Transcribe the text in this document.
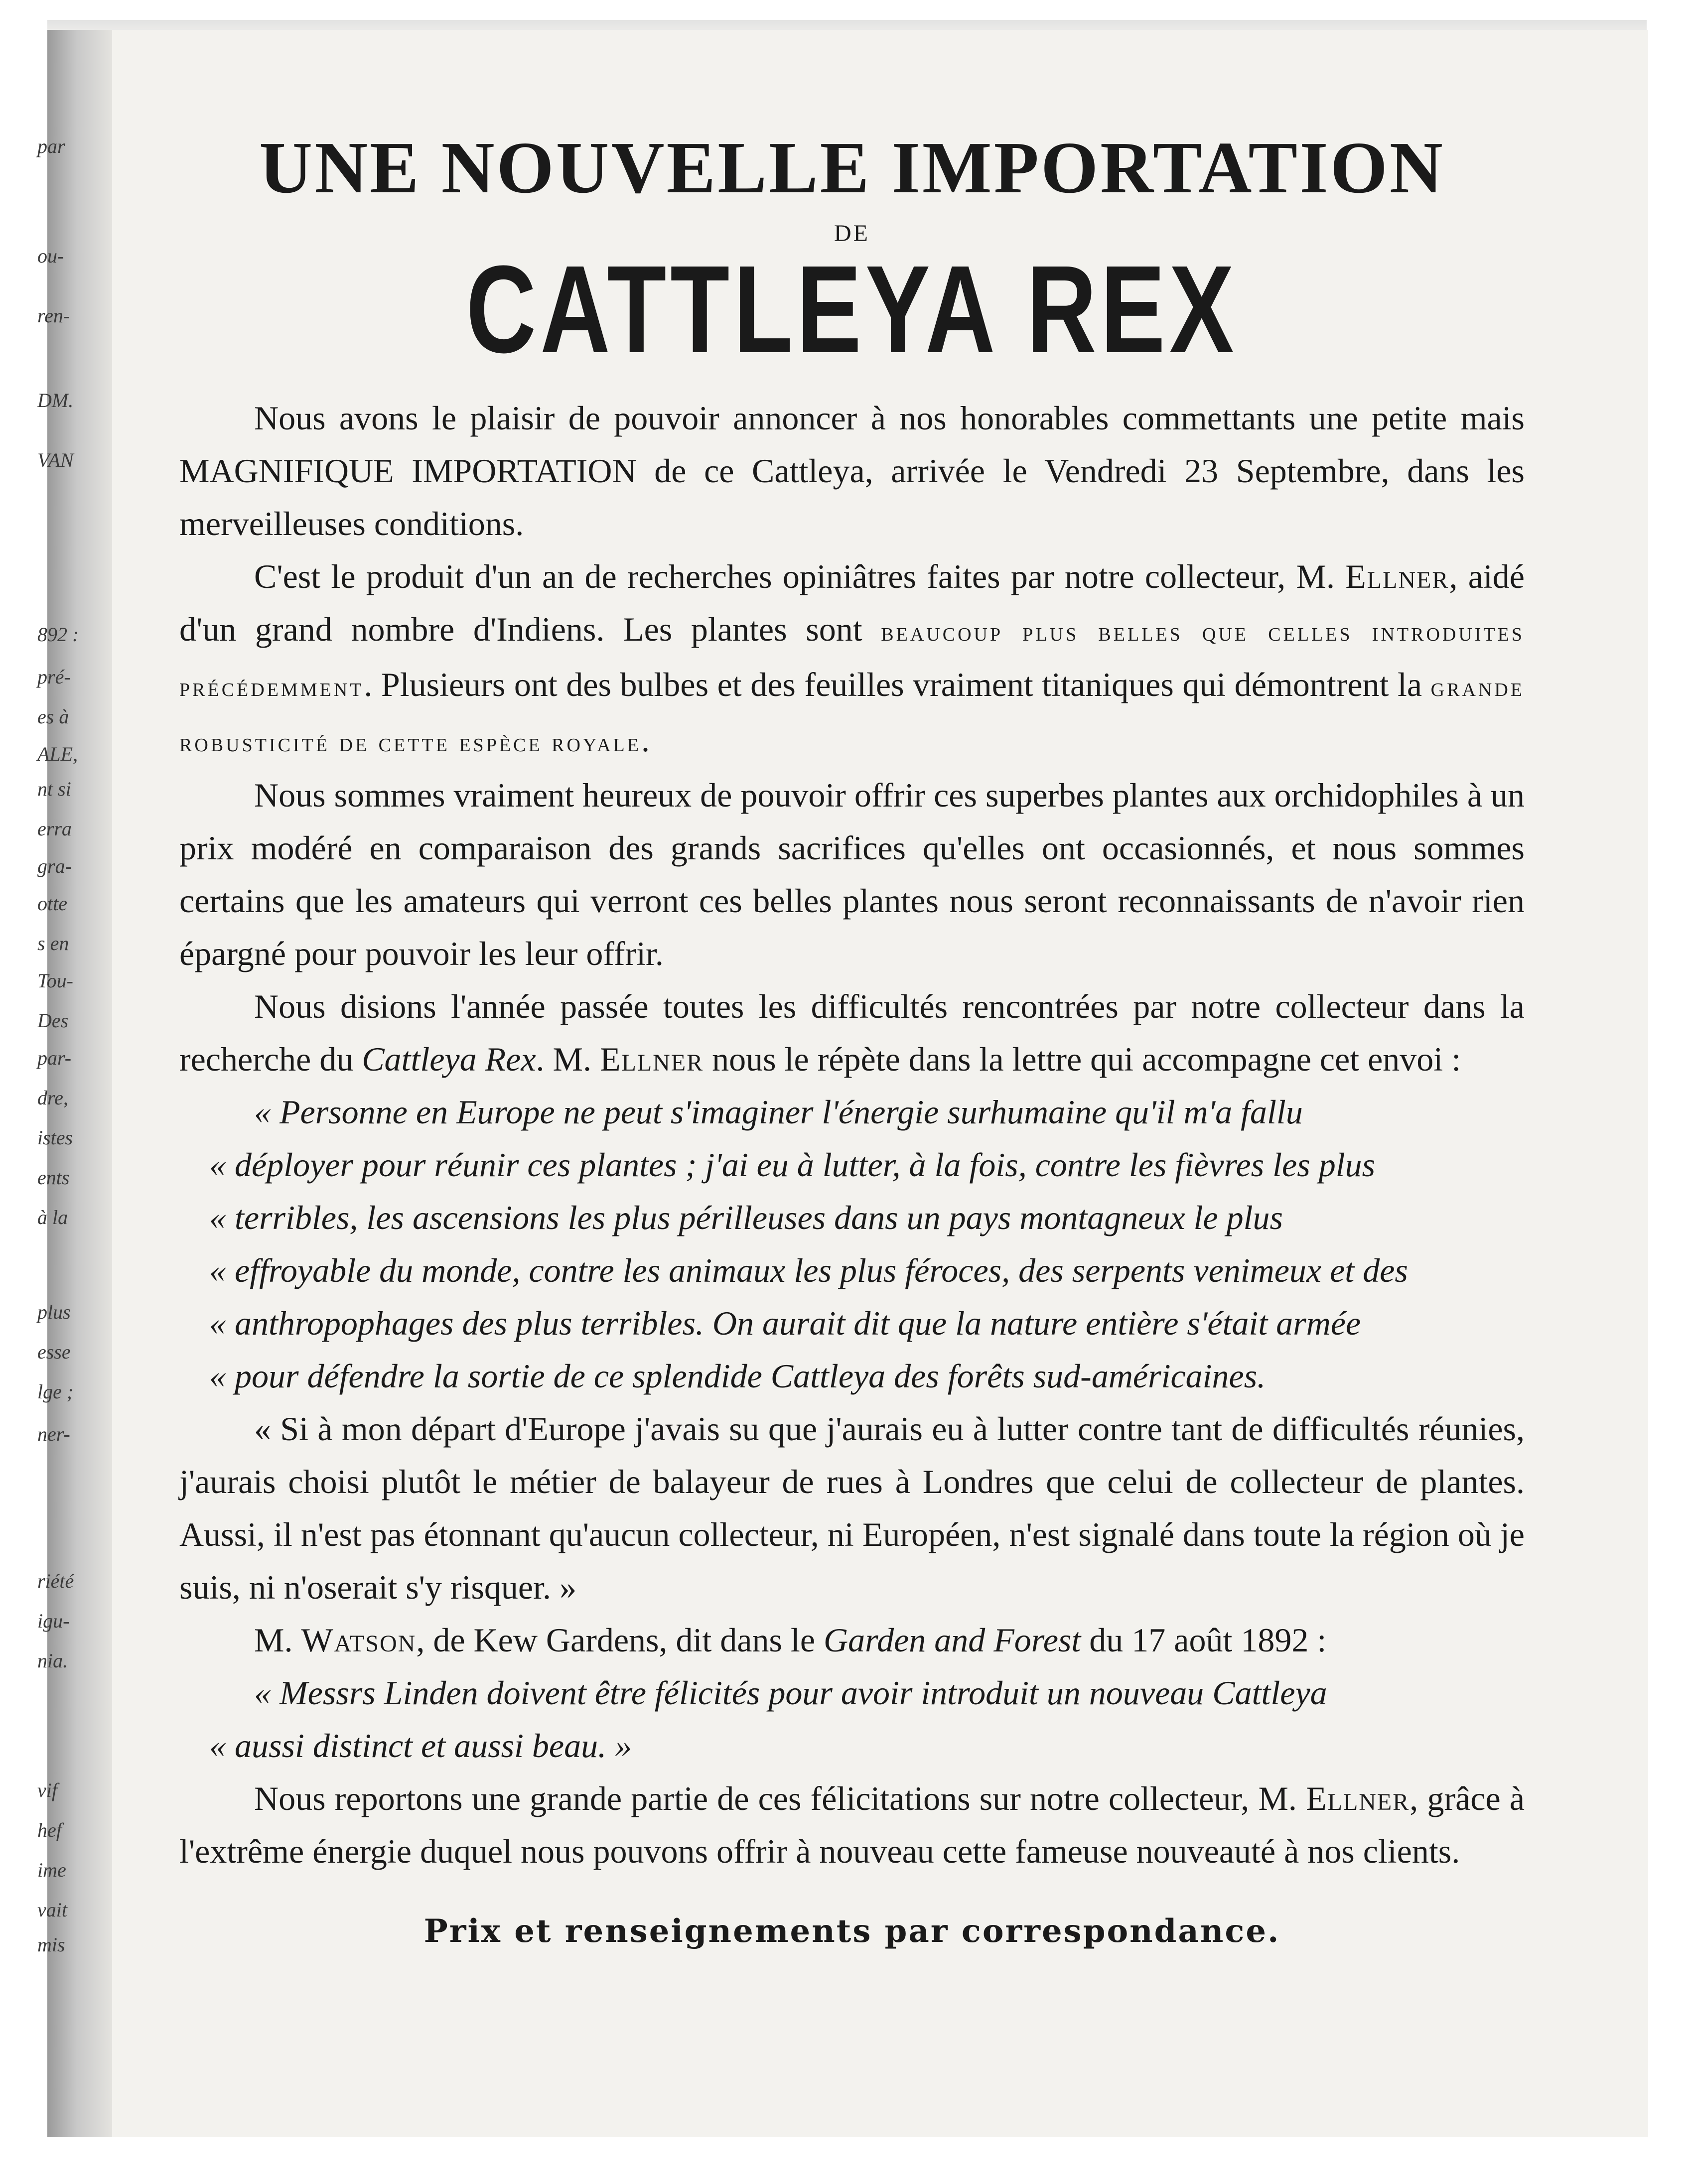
par
ou-
ren-
DM.
VAN
892 :
pré-
es à
ALE,
nt si
erra
gra-
otte
s en
Tou-
Des
par-
dre,
istes
ents
à la
plus
esse
lge ;
ner-
riété
igu-
nia.
vif
hef
ime
vait
mis

UNE NOUVELLE IMPORTATION
DE
CATTLEYA REX

Nous avons le plaisir de pouvoir annoncer à nos honorables commettants une petite mais MAGNIFIQUE IMPORTATION de ce Cattleya, arrivée le Vendredi 23 Septembre, dans les merveilleuses conditions.

C'est le produit d'un an de recherches opiniâtres faites par notre collecteur, M. Ellner, aidé d'un grand nombre d'Indiens. Les plantes sont beaucoup plus belles que celles introduites précédemment. Plusieurs ont des bulbes et des feuilles vraiment titaniques qui démontrent la grande robusticité de cette espèce royale.

Nous sommes vraiment heureux de pouvoir offrir ces superbes plantes aux orchidophiles à un prix modéré en comparaison des grands sacrifices qu'elles ont occasionnés, et nous sommes certains que les amateurs qui verront ces belles plantes nous seront reconnaissants de n'avoir rien épargné pour pouvoir les leur offrir.

Nous disions l'année passée toutes les difficultés rencontrées par notre collecteur dans la recherche du Cattleya Rex. M. Ellner nous le répète dans la lettre qui accompagne cet envoi :

« Personne en Europe ne peut s'imaginer l'énergie surhumaine qu'il m'a fallu
« déployer pour réunir ces plantes ; j'ai eu à lutter, à la fois, contre les fièvres les plus
« terribles, les ascensions les plus périlleuses dans un pays montagneux le plus
« effroyable du monde, contre les animaux les plus féroces, des serpents venimeux et des
« anthropophages des plus terribles. On aurait dit que la nature entière s'était armée
« pour défendre la sortie de ce splendide Cattleya des forêts sud-américaines.

« Si à mon départ d'Europe j'avais su que j'aurais eu à lutter contre tant de difficultés réunies, j'aurais choisi plutôt le métier de balayeur de rues à Londres que celui de collecteur de plantes. Aussi, il n'est pas étonnant qu'aucun collecteur, ni Européen, n'est signalé dans toute la région où je suis, ni n'oserait s'y risquer. »

M. Watson, de Kew Gardens, dit dans le Garden and Forest du 17 août 1892 :

« Messrs Linden doivent être félicités pour avoir introduit un nouveau Cattleya
« aussi distinct et aussi beau. »

Nous reportons une grande partie de ces félicitations sur notre collecteur, M. Ellner, grâce à l'extrême énergie duquel nous pouvons offrir à nouveau cette fameuse nouveauté à nos clients.

Prix et renseignements par correspondance.
